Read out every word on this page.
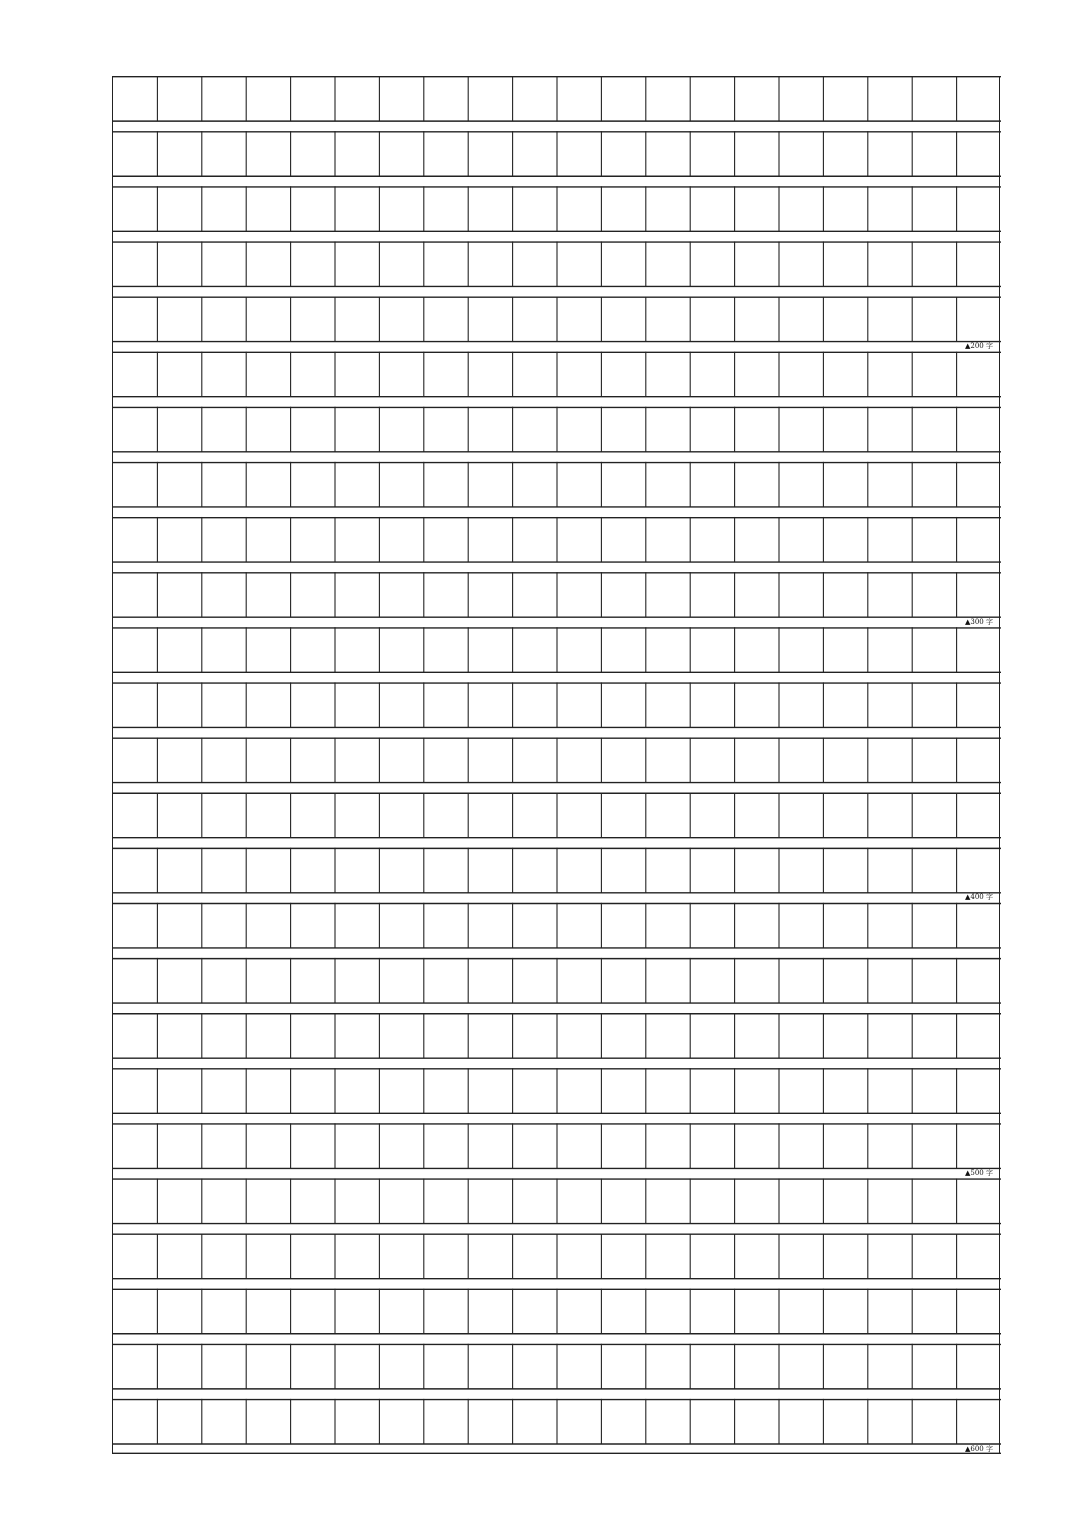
▲200 字
▲300 字
▲400 字
▲500 字
▲600 字
